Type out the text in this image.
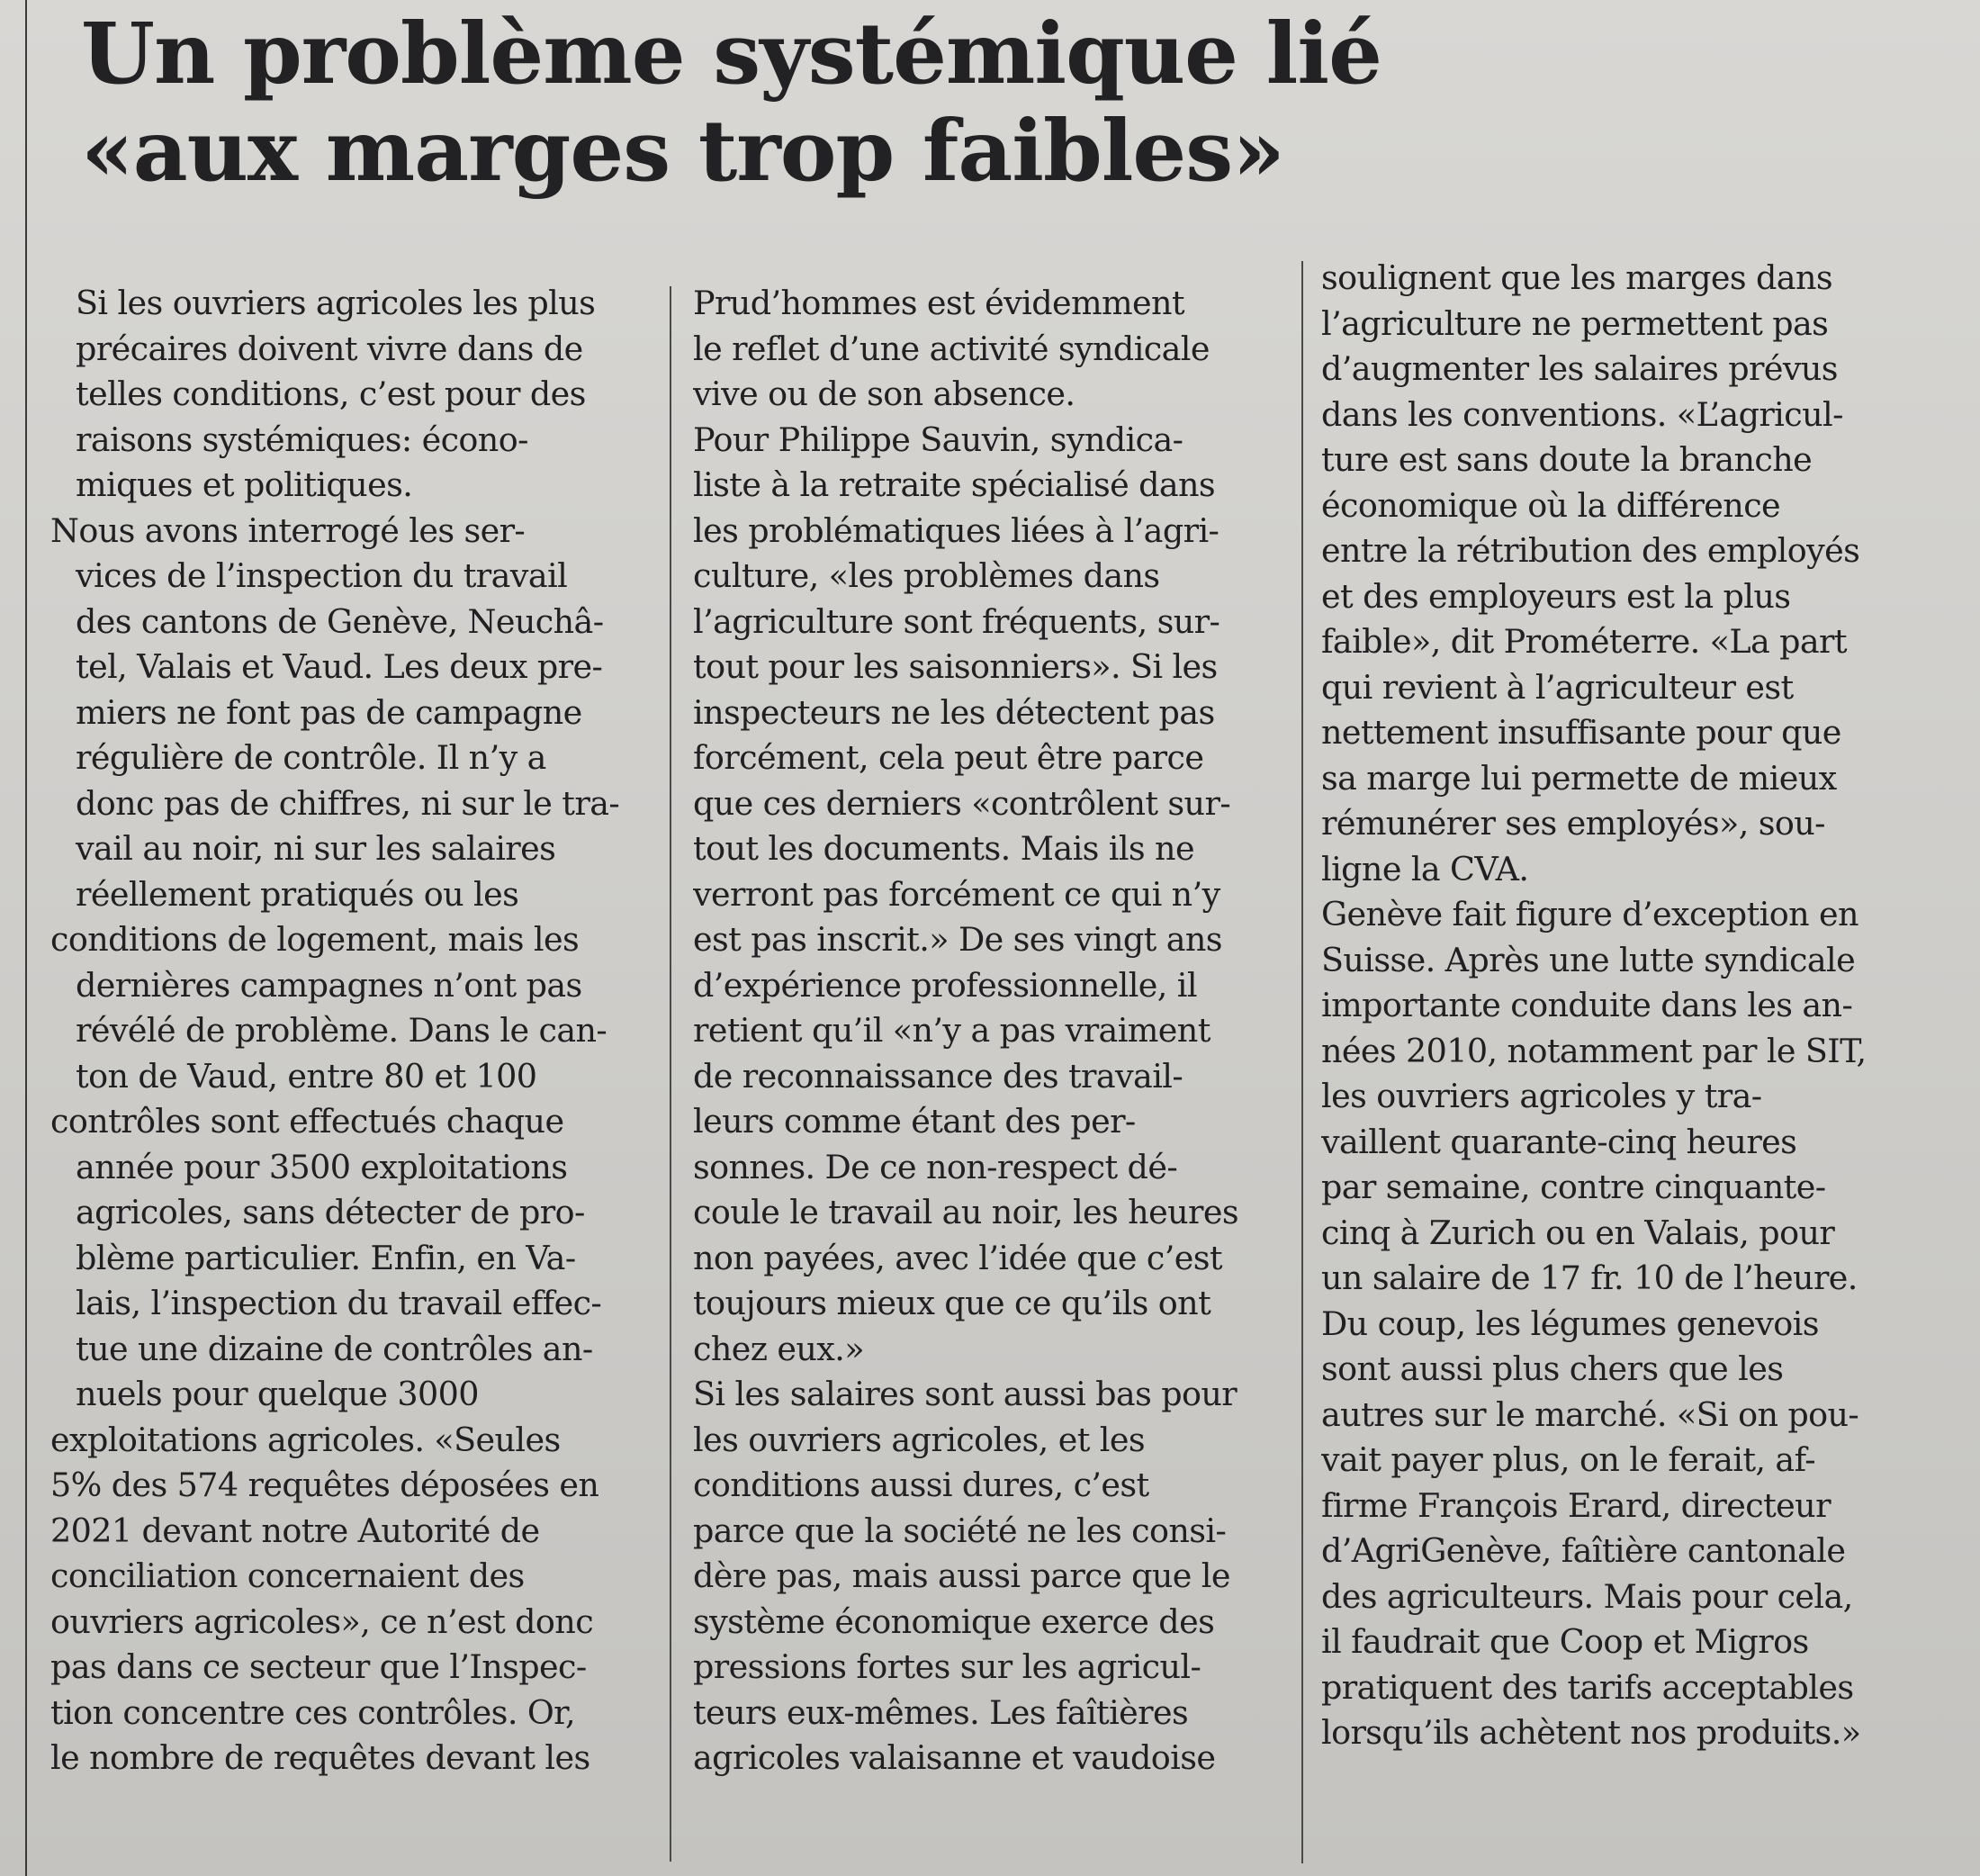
Un problème systémique lié
«aux marges trop faibles»
Si les ouvriers agricoles les plus
précaires doivent vivre dans de
telles conditions, c’est pour des
raisons systémiques: écono-
miques et politiques.
Nous avons interrogé les ser-
vices de l’inspection du travail
des cantons de Genève, Neuchâ-
tel, Valais et Vaud. Les deux pre-
miers ne font pas de campagne
régulière de contrôle. Il n’y a
donc pas de chiffres, ni sur le tra-
vail au noir, ni sur les salaires
réellement pratiqués ou les
conditions de logement, mais les
dernières campagnes n’ont pas
révélé de problème. Dans le can-
ton de Vaud, entre 80 et 100
contrôles sont effectués chaque
année pour 3500 exploitations
agricoles, sans détecter de pro-
blème particulier. Enfin, en Va-
lais, l’inspection du travail effec-
tue une dizaine de contrôles an-
nuels pour quelque 3000
exploitations agricoles. «Seules
5% des 574 requêtes déposées en
2021 devant notre Autorité de
conciliation concernaient des
ouvriers agricoles», ce n’est donc
pas dans ce secteur que l’Inspec-
tion concentre ces contrôles. Or,
le nombre de requêtes devant les
Prud’hommes est évidemment
le reflet d’une activité syndicale
vive ou de son absence.
Pour Philippe Sauvin, syndica-
liste à la retraite spécialisé dans
les problématiques liées à l’agri-
culture, «les problèmes dans
l’agriculture sont fréquents, sur-
tout pour les saisonniers». Si les
inspecteurs ne les détectent pas
forcément, cela peut être parce
que ces derniers «contrôlent sur-
tout les documents. Mais ils ne
verront pas forcément ce qui n’y
est pas inscrit.» De ses vingt ans
d’expérience professionnelle, il
retient qu’il «n’y a pas vraiment
de reconnaissance des travail-
leurs comme étant des per-
sonnes. De ce non-respect dé-
coule le travail au noir, les heures
non payées, avec l’idée que c’est
toujours mieux que ce qu’ils ont
chez eux.»
Si les salaires sont aussi bas pour
les ouvriers agricoles, et les
conditions aussi dures, c’est
parce que la société ne les consi-
dère pas, mais aussi parce que le
système économique exerce des
pressions fortes sur les agricul-
teurs eux-mêmes. Les faîtières
agricoles valaisanne et vaudoise
soulignent que les marges dans
l’agriculture ne permettent pas
d’augmenter les salaires prévus
dans les conventions. «L’agricul-
ture est sans doute la branche
économique où la différence
entre la rétribution des employés
et des employeurs est la plus
faible», dit Prométerre. «La part
qui revient à l’agriculteur est
nettement insuffisante pour que
sa marge lui permette de mieux
rémunérer ses employés», sou-
ligne la CVA.
Genève fait figure d’exception en
Suisse. Après une lutte syndicale
importante conduite dans les an-
nées 2010, notamment par le SIT,
les ouvriers agricoles y tra-
vaillent quarante-cinq heures
par semaine, contre cinquante-
cinq à Zurich ou en Valais, pour
un salaire de 17 fr. 10 de l’heure.
Du coup, les légumes genevois
sont aussi plus chers que les
autres sur le marché. «Si on pou-
vait payer plus, on le ferait, af-
firme François Erard, directeur
d’AgriGenève, faîtière cantonale
des agriculteurs. Mais pour cela,
il faudrait que Coop et Migros
pratiquent des tarifs acceptables
lorsqu’ils achètent nos produits.»
